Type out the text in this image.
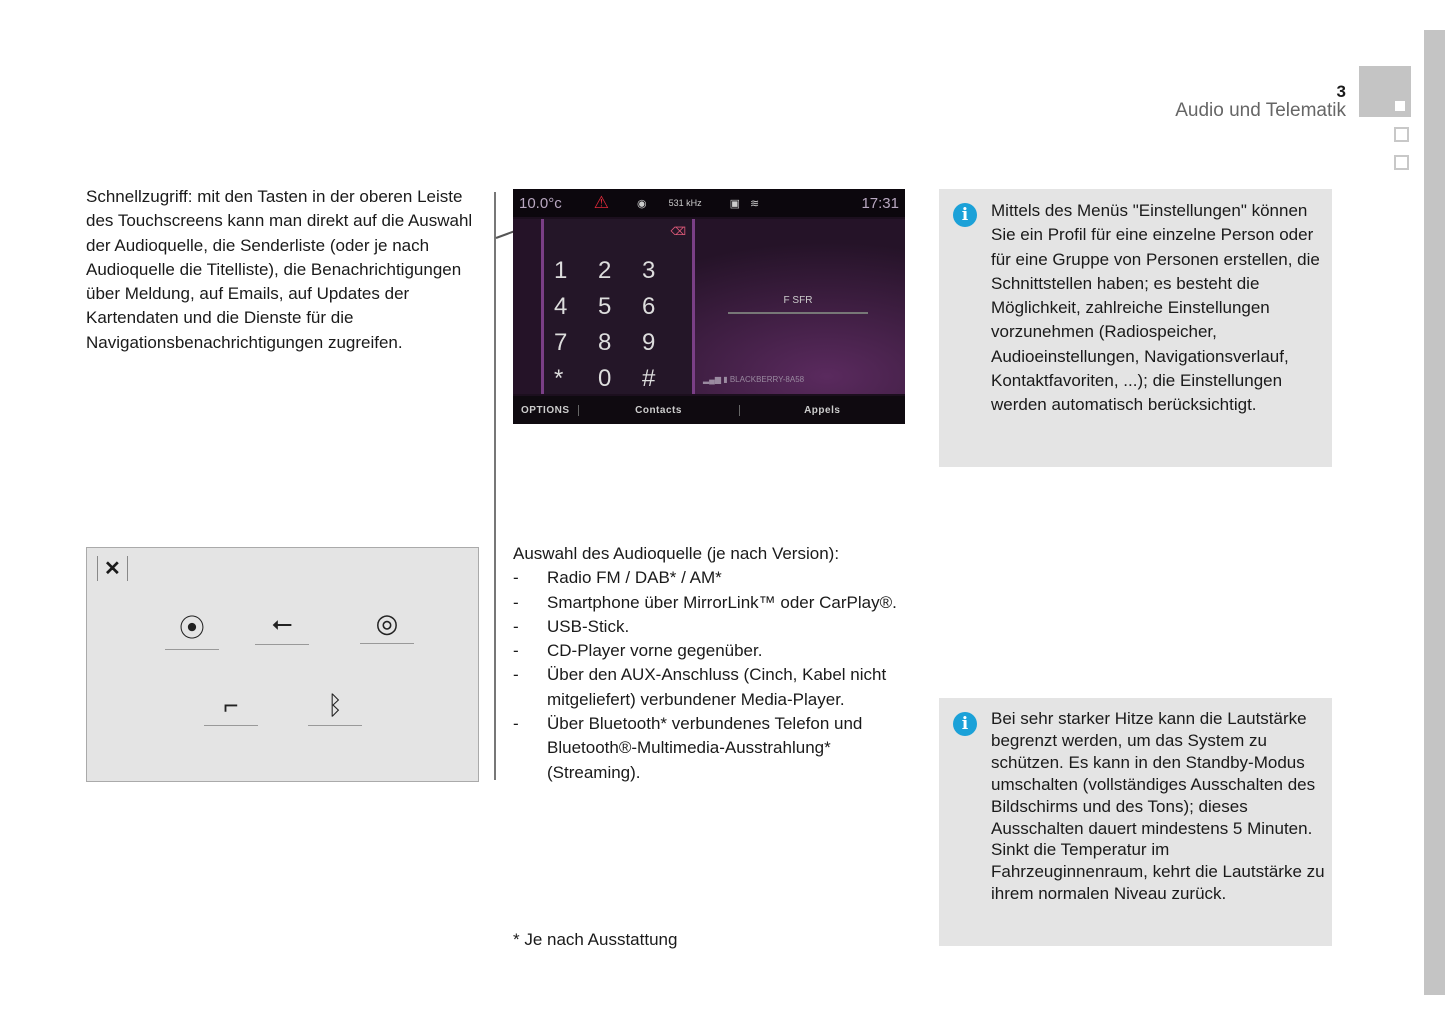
3
Audio und Telematik
Schnellzugriff: mit den Tasten in der oberen Leiste des Touchscreens kann man direkt auf die Auswahl der Audioquelle, die Senderliste (oder je nach Audioquelle die Titelliste), die Benachrichtigungen über Meldung, auf Emails, auf Updates der Kartendaten und die Dienste für die Navigationsbenachrichtigungen zugreifen.
10.0°c ⚠	◉ 531 kHz	▣ ≋	17:31
⌫
1	2	3
4	5	6
7	8	9
*	0	#
F SFR
▂▄▆ ▮ BLACKBERRY-8A58
OPTIONS	Contacts	Appels
✕
⦿	⭠	◎
⌐	ᛒ
Auswahl des Audioquelle (je nach Version):
- Radio FM / DAB* / AM*
- Smartphone über MirrorLink™ oder CarPlay®.
- USB-Stick.
- CD-Player vorne gegenüber.
- Über den AUX-Anschluss (Cinch, Kabel nicht mitgeliefert) verbundener Media-Player.
- Über Bluetooth* verbundenes Telefon und Bluetooth®-Multimedia-Ausstrahlung* (Streaming).
* Je nach Ausstattung
i	Mittels des Menüs "Einstellungen" können Sie ein Profil für eine einzelne Person oder für eine Gruppe von Personen erstellen, die Schnittstellen haben; es besteht die Möglichkeit, zahlreiche Einstellungen vorzunehmen (Radiospeicher, Audioeinstellungen, Navigationsverlauf, Kontaktfavoriten, ...); die Einstellungen werden automatisch berücksichtigt.
i	Bei sehr starker Hitze kann die Lautstärke begrenzt werden, um das System zu schützen. Es kann in den Standby-Modus umschalten (vollständiges Ausschalten des Bildschirms und des Tons); dieses Ausschalten dauert mindestens 5 Minuten. Sinkt die Temperatur im Fahrzeuginnenraum, kehrt die Lautstärke zu ihrem normalen Niveau zurück.
